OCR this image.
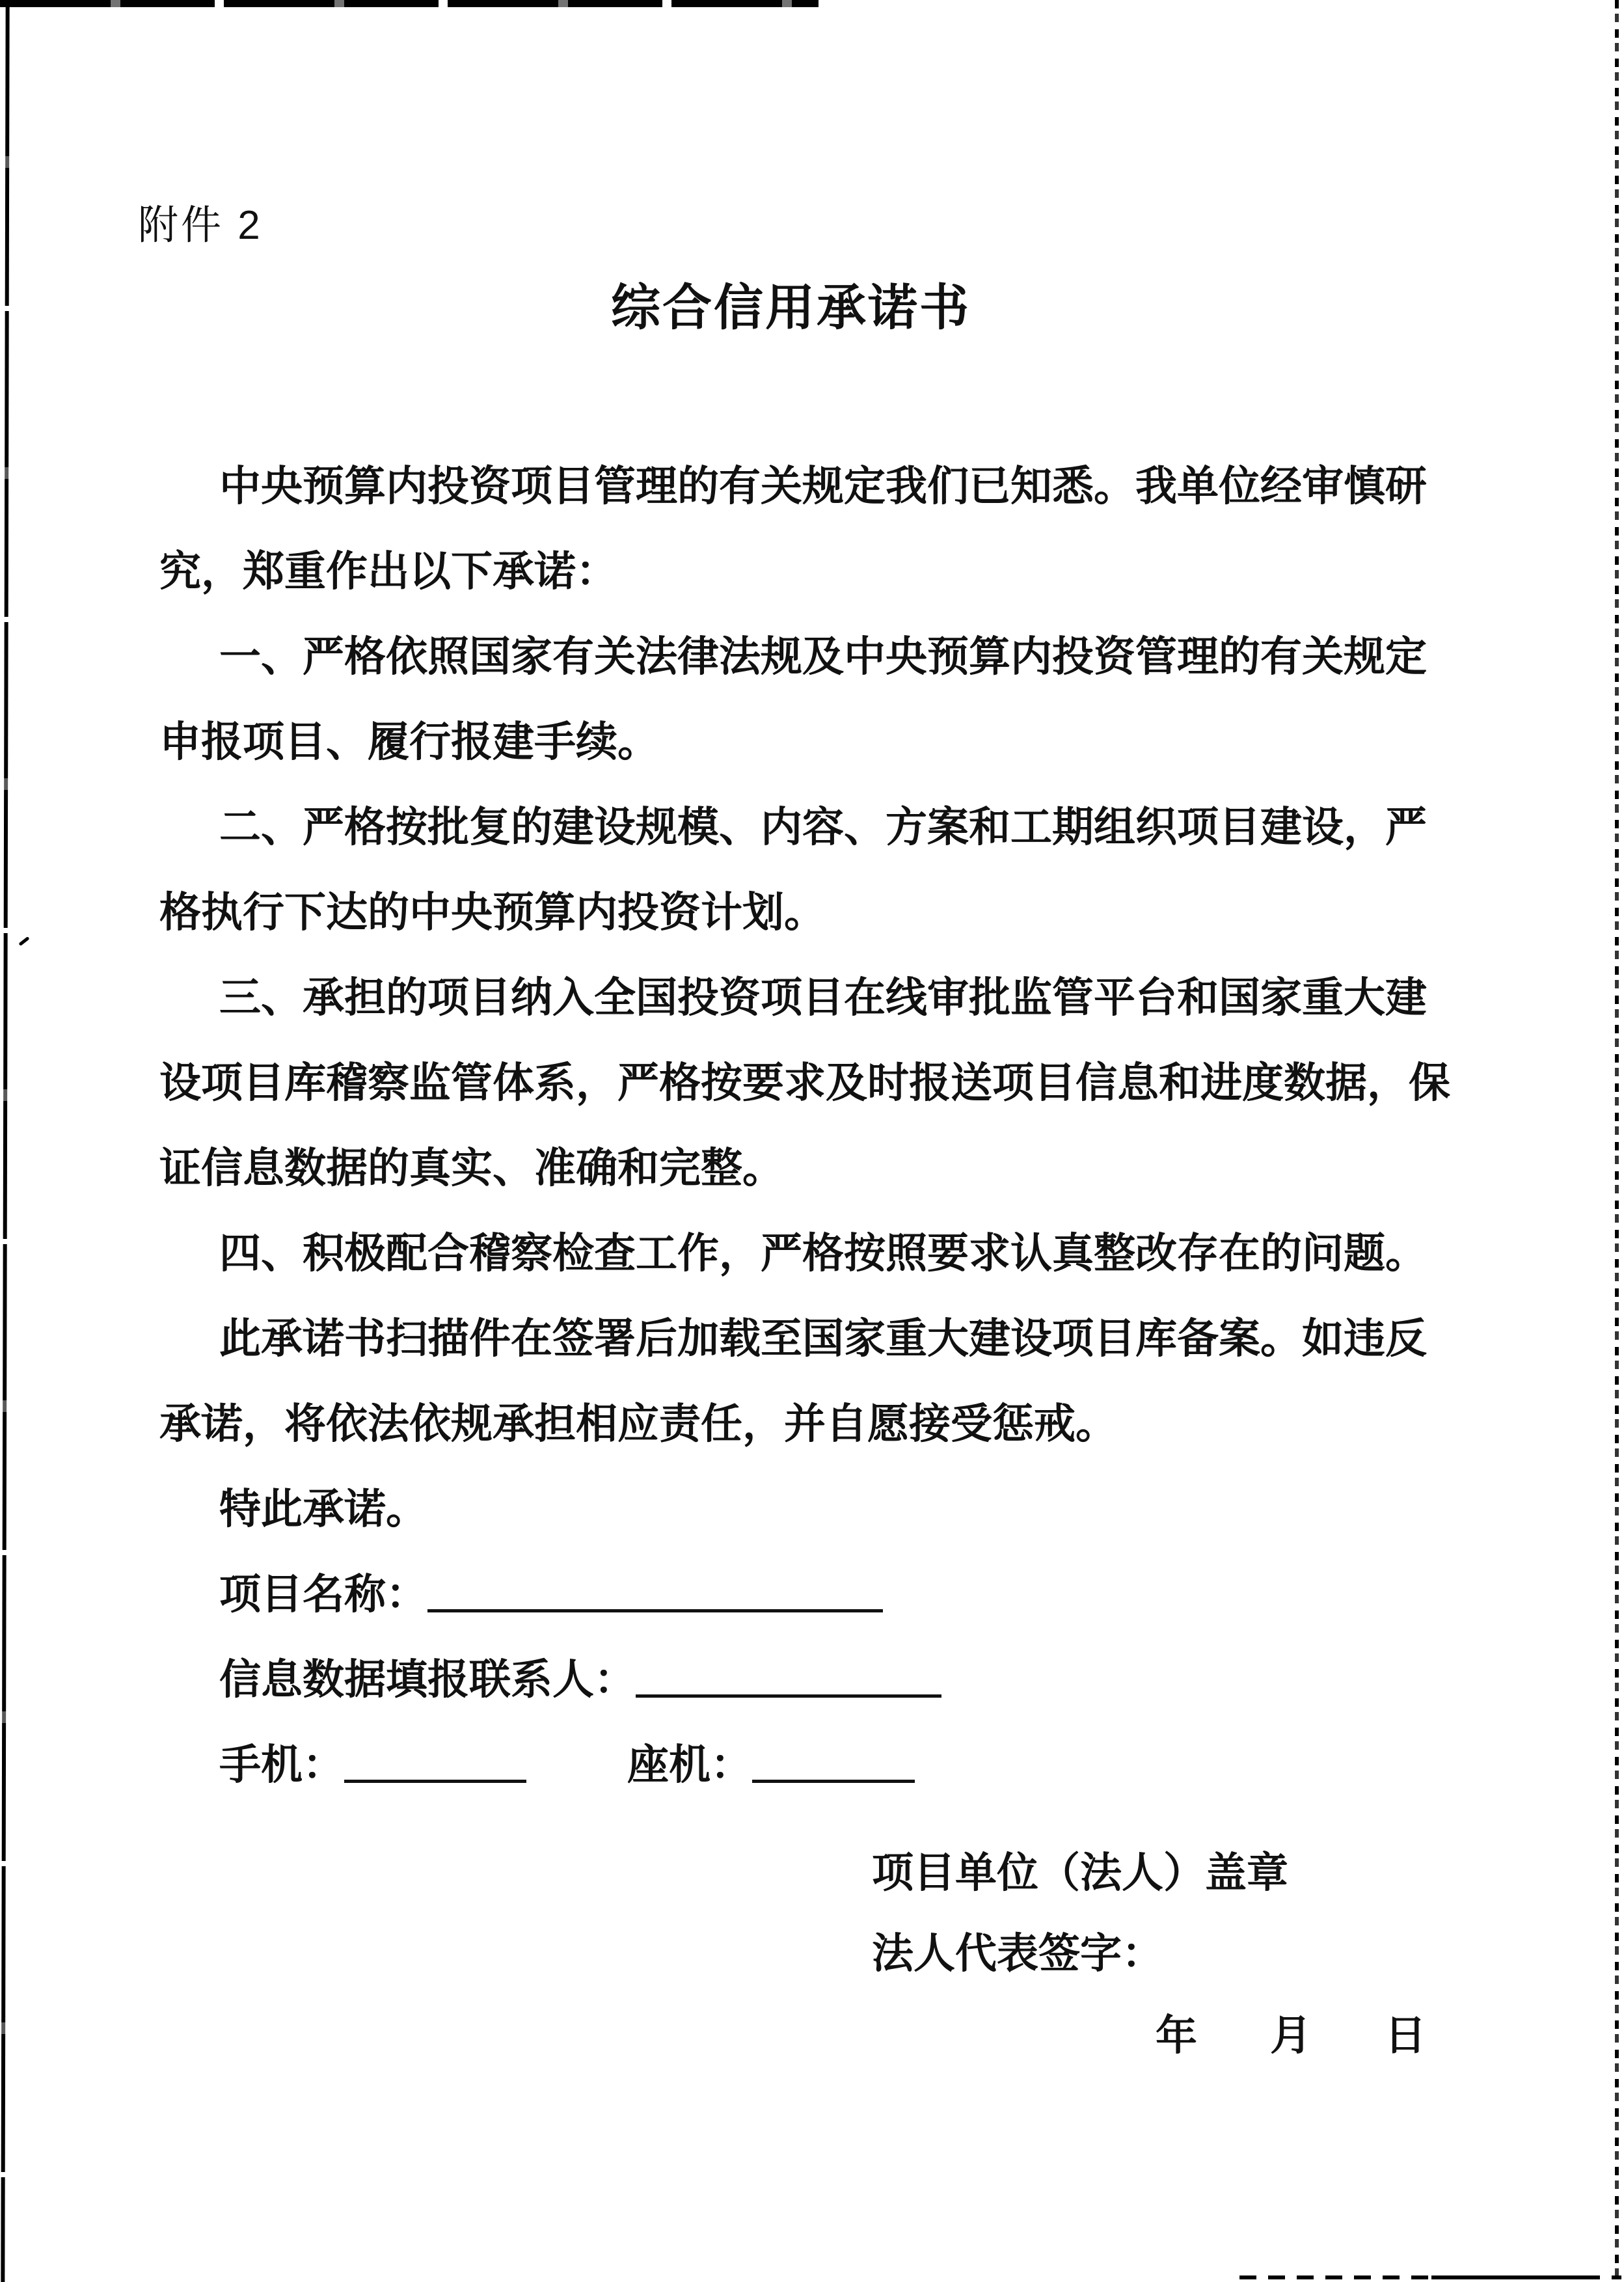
附件 2
综合信用承诺书
中央预算内投资项目管理的有关规定我们已知悉。我单位经审慎研
究，郑重作出以下承诺：
一、严格依照国家有关法律法规及中央预算内投资管理的有关规定
申报项目、履行报建手续。
二、严格按批复的建设规模、内容、方案和工期组织项目建设，严
格执行下达的中央预算内投资计划。
三、承担的项目纳入全国投资项目在线审批监管平台和国家重大建
设项目库稽察监管体系，严格按要求及时报送项目信息和进度数据，保
证信息数据的真实、准确和完整。
四、积极配合稽察检查工作，严格按照要求认真整改存在的问题。
此承诺书扫描件在签署后加载至国家重大建设项目库备案。如违反
承诺，将依法依规承担相应责任，并自愿接受惩戒。
特此承诺。
项目名称：
信息数据填报联系人：
手机：	座机：
项目单位（法人）盖章
法人代表签字：
年 月 日
